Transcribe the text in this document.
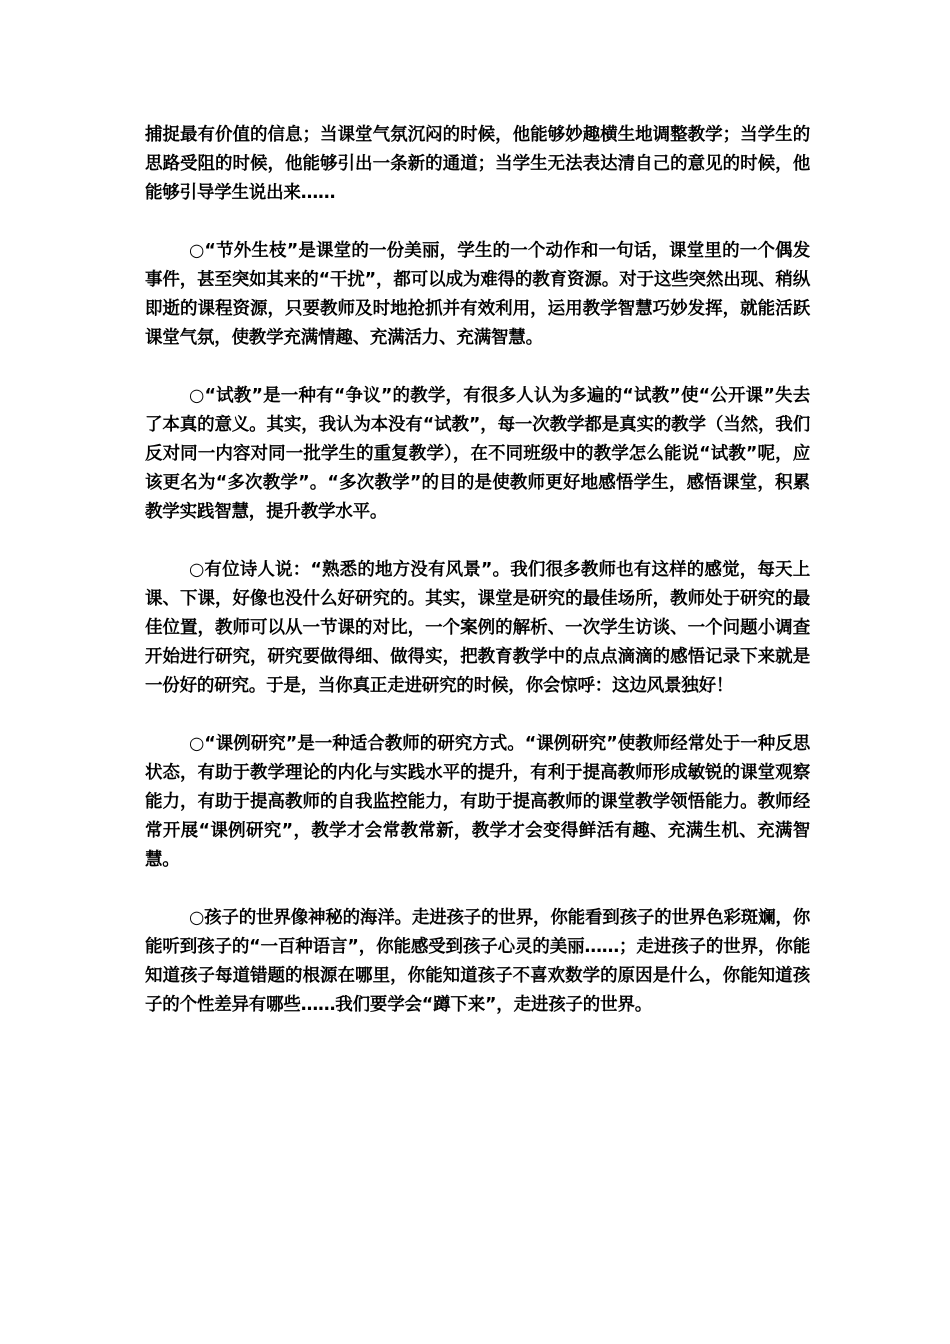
捕捉最有价值的信息；当课堂气氛沉闷的时候，他能够妙趣横生地调整教学；当学生的思路受阻的时候，他能够引出一条新的通道；当学生无法表达清自己的意见的时候，他能够引导学生说出来……

○“节外生枝”是课堂的一份美丽，学生的一个动作和一句话，课堂里的一个偶发事件，甚至突如其来的“干扰”，都可以成为难得的教育资源。对于这些突然出现、稍纵即逝的课程资源，只要教师及时地抢抓并有效利用，运用教学智慧巧妙发挥，就能活跃课堂气氛，使教学充满情趣、充满活力、充满智慧。

○“试教”是一种有“争议”的教学，有很多人认为多遍的“试教”使“公开课”失去了本真的意义。其实，我认为本没有“试教”，每一次教学都是真实的教学（当然，我们反对同一内容对同一批学生的重复教学），在不同班级中的教学怎么能说“试教”呢，应该更名为“多次教学”。“多次教学”的目的是使教师更好地感悟学生，感悟课堂，积累教学实践智慧，提升教学水平。

○有位诗人说：“熟悉的地方没有风景”。我们很多教师也有这样的感觉，每天上课、下课，好像也没什么好研究的。其实，课堂是研究的最佳场所，教师处于研究的最佳位置，教师可以从一节课的对比，一个案例的解析、一次学生访谈、一个问题小调查开始进行研究，研究要做得细、做得实，把教育教学中的点点滴滴的感悟记录下来就是一份好的研究。于是，当你真正走进研究的时候，你会惊呼：这边风景独好！

○“课例研究”是一种适合教师的研究方式。“课例研究”使教师经常处于一种反思状态，有助于教学理论的内化与实践水平的提升，有利于提高教师形成敏锐的课堂观察能力，有助于提高教师的自我监控能力，有助于提高教师的课堂教学领悟能力。教师经常开展“课例研究”，教学才会常教常新，教学才会变得鲜活有趣、充满生机、充满智慧。

○孩子的世界像神秘的海洋。走进孩子的世界，你能看到孩子的世界色彩斑斓，你能听到孩子的“一百种语言”，你能感受到孩子心灵的美丽……；走进孩子的世界，你能知道孩子每道错题的根源在哪里，你能知道孩子不喜欢数学的原因是什么，你能知道孩子的个性差异有哪些……我们要学会“蹲下来”，走进孩子的世界。
